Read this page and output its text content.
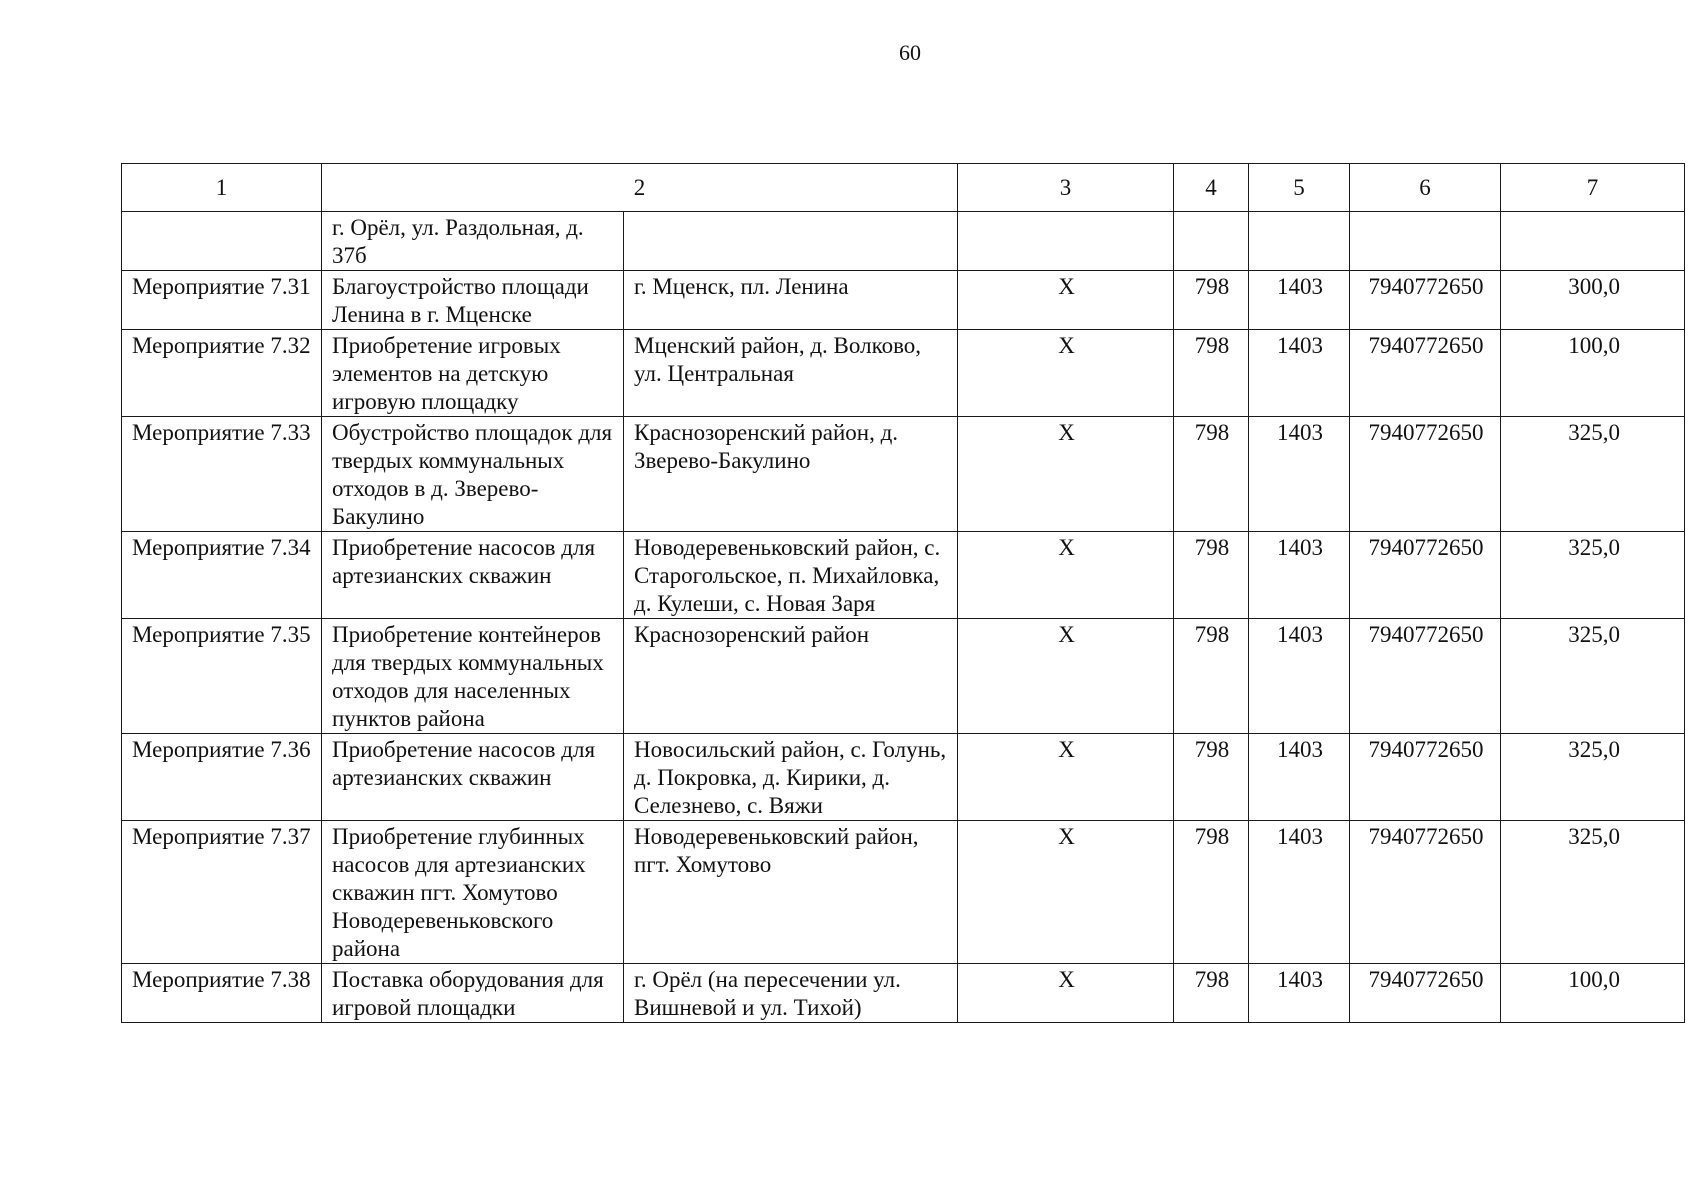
60
1	2		3	4	5	6	7
	г. Орёл, ул. Раздольная, д. 37б						
Мероприятие 7.31	Благоустройство площади Ленина в г. Мценске	г. Мценск, пл. Ленина	Х	798	1403	7940772650	300,0
Мероприятие 7.32	Приобретение игровых элементов на детскую игровую площадку	Мценский район, д. Волково, ул. Центральная	Х	798	1403	7940772650	100,0
Мероприятие 7.33	Обустройство площадок для твердых коммунальных отходов в д. Зверево-Бакулино	Краснозоренский район, д. Зверево-Бакулино	Х	798	1403	7940772650	325,0
Мероприятие 7.34	Приобретение насосов для артезианских скважин	Новодеревеньковский район, с. Старогольское, п. Михайловка, д. Кулеши, с. Новая Заря	Х	798	1403	7940772650	325,0
Мероприятие 7.35	Приобретение контейнеров для твердых коммунальных отходов для населенных пунктов района	Краснозоренский район	Х	798	1403	7940772650	325,0
Мероприятие 7.36	Приобретение насосов для артезианских скважин	Новосильский район, с. Голунь, д. Покровка, д. Кирики, д. Селезнево, с. Вяжи	Х	798	1403	7940772650	325,0
Мероприятие 7.37	Приобретение глубинных насосов для артезианских скважин пгт. Хомутово Новодеревеньковского района	Новодеревеньковский район, пгт. Хомутово	Х	798	1403	7940772650	325,0
Мероприятие 7.38	Поставка оборудования для игровой площадки	г. Орёл (на пересечении ул. Вишневой и ул. Тихой)	Х	798	1403	7940772650	100,0
